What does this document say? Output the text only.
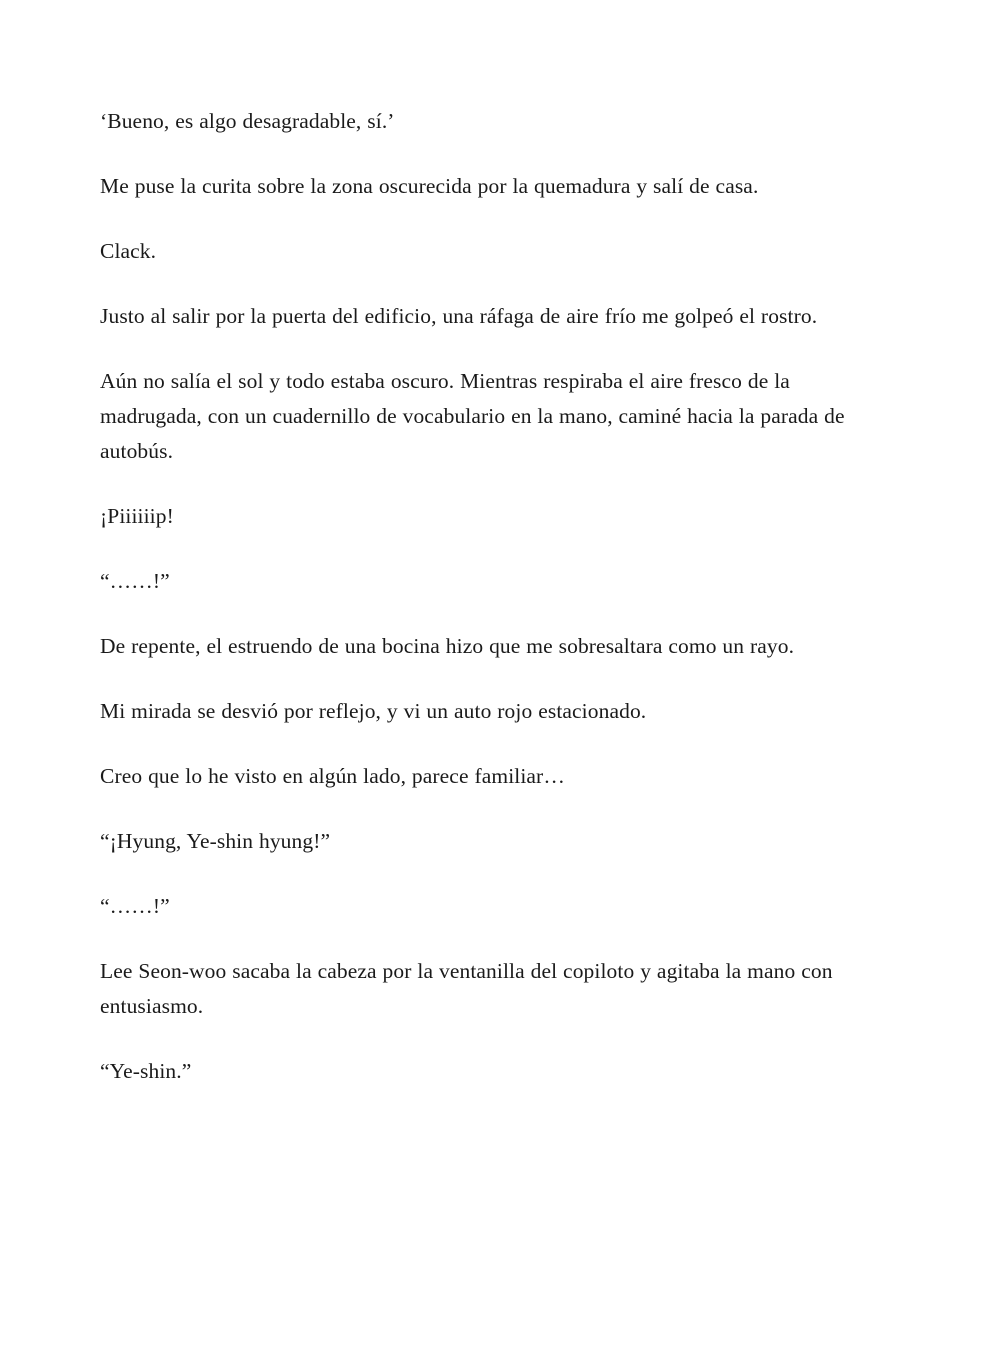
‘Bueno, es algo desagradable, sí.’

Me puse la curita sobre la zona oscurecida por la quemadura y salí de casa.

Clack.

Justo al salir por la puerta del edificio, una ráfaga de aire frío me golpeó el rostro.

Aún no salía el sol y todo estaba oscuro. Mientras respiraba el aire fresco de la madrugada, con un cuadernillo de vocabulario en la mano, caminé hacia la parada de autobús.

¡Piiiiiip!

“……!”

De repente, el estruendo de una bocina hizo que me sobresaltara como un rayo.

Mi mirada se desvió por reflejo, y vi un auto rojo estacionado.

Creo que lo he visto en algún lado, parece familiar…

“¡Hyung, Ye-shin hyung!”

“……!”

Lee Seon-woo sacaba la cabeza por la ventanilla del copiloto y agitaba la mano con entusiasmo.

“Ye-shin.”
